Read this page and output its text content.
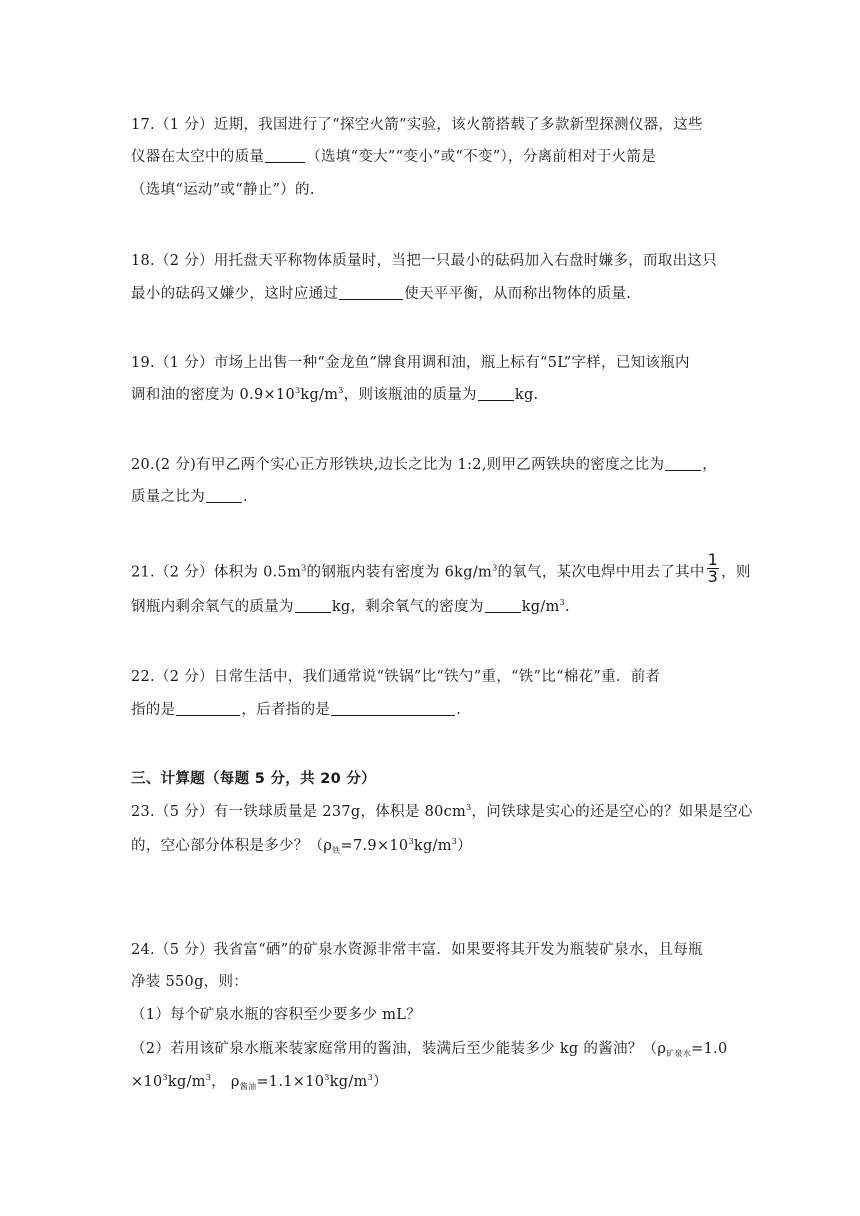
17.（1 分）近期，我国进行了“探空火箭”实验，该火箭搭载了多款新型探测仪器，这些
仪器在太空中的质量	（选填“变大”“变小”或“不变”），分离前相对于火箭是
（选填“运动”或“静止”）的.
18.（2 分）用托盘天平称物体质量时，当把一只最小的砝码加入右盘时嫌多，而取出这只
最小的砝码又嫌少，这时应通过	使天平平衡，从而称出物体的质量.
19.（1 分）市场上出售一种“金龙鱼”牌食用调和油，瓶上标有“5L”字样，已知该瓶内
调和油的密度为 $0.9\times 10^3kg/m^3$，则该瓶油的质量为	kg.
20.(2 分)有甲乙两个实心正方形铁块,边长之比为 1:2,则甲乙两铁块的密度之比为	，
质量之比为	.
21.（2 分）体积为 $0.5m^3$的钢瓶内装有密度为 $6kg/m^3$的氧气，某次电焊中用去了其中 $\frac{1}{3}$ ，则
钢瓶内剩余氧气的质量为	kg，剩余氧气的密度为	$kg/m^3$.
22.（2 分）日常生活中，我们通常说“铁锅”比“铁勺”重，“铁”比“棉花”重．前者
指的是	，后者指的是	.
三、计算题（每题 5 分，共 20 分）
23.（5 分）有一铁球质量是 237g，体积是 $80cm^3$，问铁球是实心的还是空心的？如果是空心
的，空心部分体积是多少？$(\rho_铁=7.9\times 10^3kg/m^3)$
24.（5 分）我省富“硒”的矿泉水资源非常丰富．如果要将其开发为瓶装矿泉水，且每瓶
净装 550g，则：
（1）每个矿泉水瓶的容积至少要多少 mL？
（2）若用该矿泉水瓶来装家庭常用的酱油，装满后至少能装多少 kg 的酱油？（$\rho_{矿泉水}=1.0$
$\times 10^3kg/m^3$， $\rho_{酱油}=1.1\times 10^3kg/m^3$）
